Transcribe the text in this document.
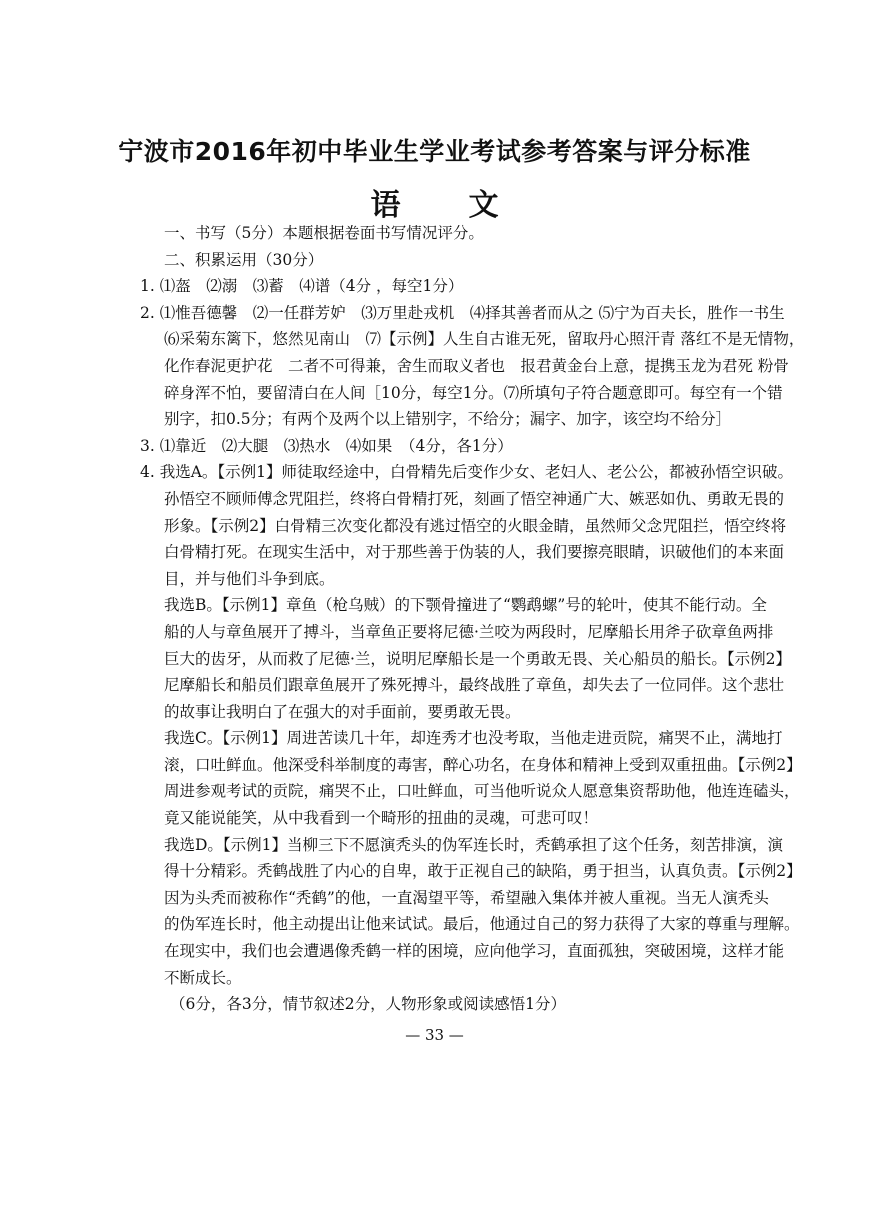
宁波市2016年初中毕业生学业考试参考答案与评分标准
语文
一、书写（5分）本题根据卷面书写情况评分。
二、积累运用（30分）
1. ⑴盔　⑵溺　⑶蓄　⑷谱（4分 ，每空1分）
2. ⑴惟吾德馨　⑵一任群芳妒　⑶万里赴戎机　⑷择其善者而从之 ⑸宁为百夫长，胜作一书生
⑹采菊东篱下，悠然见南山　⑺【示例】人生自古谁无死，留取丹心照汗青 落红不是无情物，
化作春泥更护花　二者不可得兼，舍生而取义者也　报君黄金台上意，提携玉龙为君死 粉骨
碎身浑不怕，要留清白在人间［10分，每空1分。⑺所填句子符合题意即可。每空有一个错
别字，扣0.5分；有两个及两个以上错别字，不给分；漏字、加字，该空均不给分］
3. ⑴靠近　⑵大腿　⑶热水　⑷如果　（4分，各1分）
4. 我选A。【示例1】师徒取经途中，白骨精先后变作少女、老妇人、老公公，都被孙悟空识破。
孙悟空不顾师傅念咒阻拦，终将白骨精打死，刻画了悟空神通广大、嫉恶如仇、勇敢无畏的
形象。【示例2】白骨精三次变化都没有逃过悟空的火眼金睛，虽然师父念咒阻拦，悟空终将
白骨精打死。在现实生活中，对于那些善于伪装的人，我们要擦亮眼睛，识破他们的本来面
目，并与他们斗争到底。
我选B。【示例1】章鱼（枪乌贼）的下颚骨撞进了“鹦鹉螺”号的轮叶，使其不能行动。全
船的人与章鱼展开了搏斗，当章鱼正要将尼德·兰咬为两段时，尼摩船长用斧子砍章鱼两排
巨大的齿牙，从而救了尼德·兰，说明尼摩船长是一个勇敢无畏、关心船员的船长。【示例2】
尼摩船长和船员们跟章鱼展开了殊死搏斗，最终战胜了章鱼，却失去了一位同伴。这个悲壮
的故事让我明白了在强大的对手面前，要勇敢无畏。
我选C。【示例1】周进苦读几十年，却连秀才也没考取，当他走进贡院，痛哭不止，满地打
滚，口吐鲜血。他深受科举制度的毒害，醉心功名，在身体和精神上受到双重扭曲。【示例2】
周进参观考试的贡院，痛哭不止，口吐鲜血，可当他听说众人愿意集资帮助他，他连连磕头，
竟又能说能笑，从中我看到一个畸形的扭曲的灵魂，可悲可叹！
我选D。【示例1】当柳三下不愿演秃头的伪军连长时，秃鹤承担了这个任务，刻苦排演，演
得十分精彩。秃鹤战胜了内心的自卑，敢于正视自己的缺陷，勇于担当，认真负责。【示例2】
因为头秃而被称作“秃鹤”的他，一直渴望平等，希望融入集体并被人重视。当无人演秃头
的伪军连长时，他主动提出让他来试试。最后，他通过自己的努力获得了大家的尊重与理解。
在现实中，我们也会遭遇像秃鹤一样的困境，应向他学习，直面孤独，突破困境，这样才能
不断成长。
（6分，各3分，情节叙述2分，人物形象或阅读感悟1分）
— 33 —
